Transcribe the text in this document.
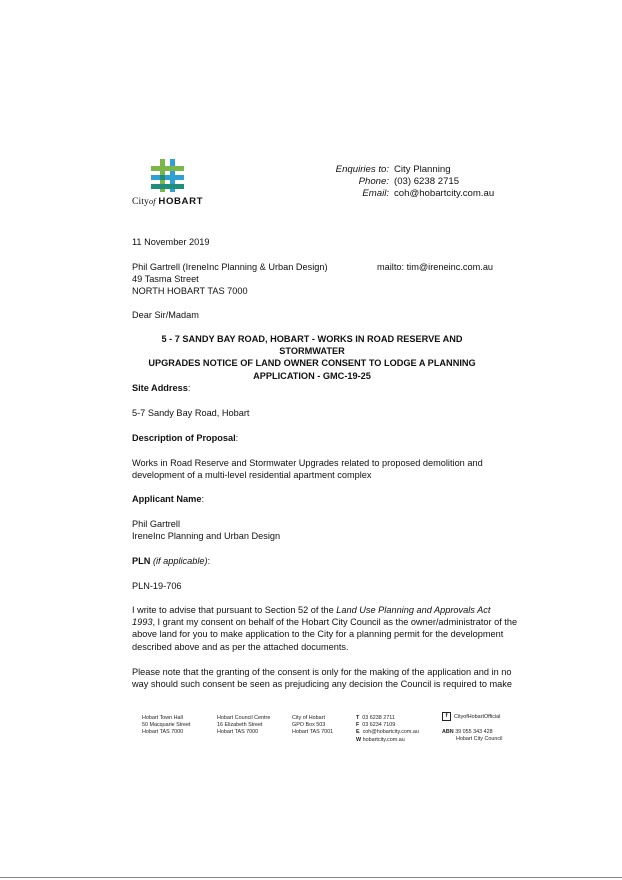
Cityof HOBART
Enquiries to: City Planning
Phone: (03) 6238 2715
Email: coh@hobartcity.com.au
11 November 2019
Phil Gartrell (IreneInc Planning & Urban Design)	mailto: tim@ireneinc.com.au
49 Tasma Street
NORTH HOBART TAS 7000
Dear Sir/Madam
5 - 7 SANDY BAY ROAD, HOBART - WORKS IN ROAD RESERVE AND STORMWATER
UPGRADES NOTICE OF LAND OWNER CONSENT TO LODGE A PLANNING
APPLICATION - GMC-19-25
Site Address:
5-7 Sandy Bay Road, Hobart
Description of Proposal:
Works in Road Reserve and Stormwater Upgrades related to proposed demolition and
development of a multi-level residential apartment complex
Applicant Name:
Phil Gartrell
IreneInc Planning and Urban Design
PLN (if applicable):
PLN-19-706
I write to advise that pursuant to Section 52 of the Land Use Planning and Approvals Act
1993, I grant my consent on behalf of the Hobart City Council as the owner/administrator of the
above land for you to make application to the City for a planning permit for the development
described above and as per the attached documents.
Please note that the granting of the consent is only for the making of the application and in no
way should such consent be seen as prejudicing any decision the Council is required to make
Hobart Town Hall
50 Macquarie Street
Hobart TAS 7000
Hobart Council Centre
16 Elizabeth Street
Hobart TAS 7000
City of Hobart
GPO Box 503
Hobart TAS 7001
T 03 6238 2711
F 03 6234 7109
E coh@hobartcity.com.au
W hobartcity.com.au
f CityofHobartOfficial
ABN 39 055 343 428
Hobart City Council
